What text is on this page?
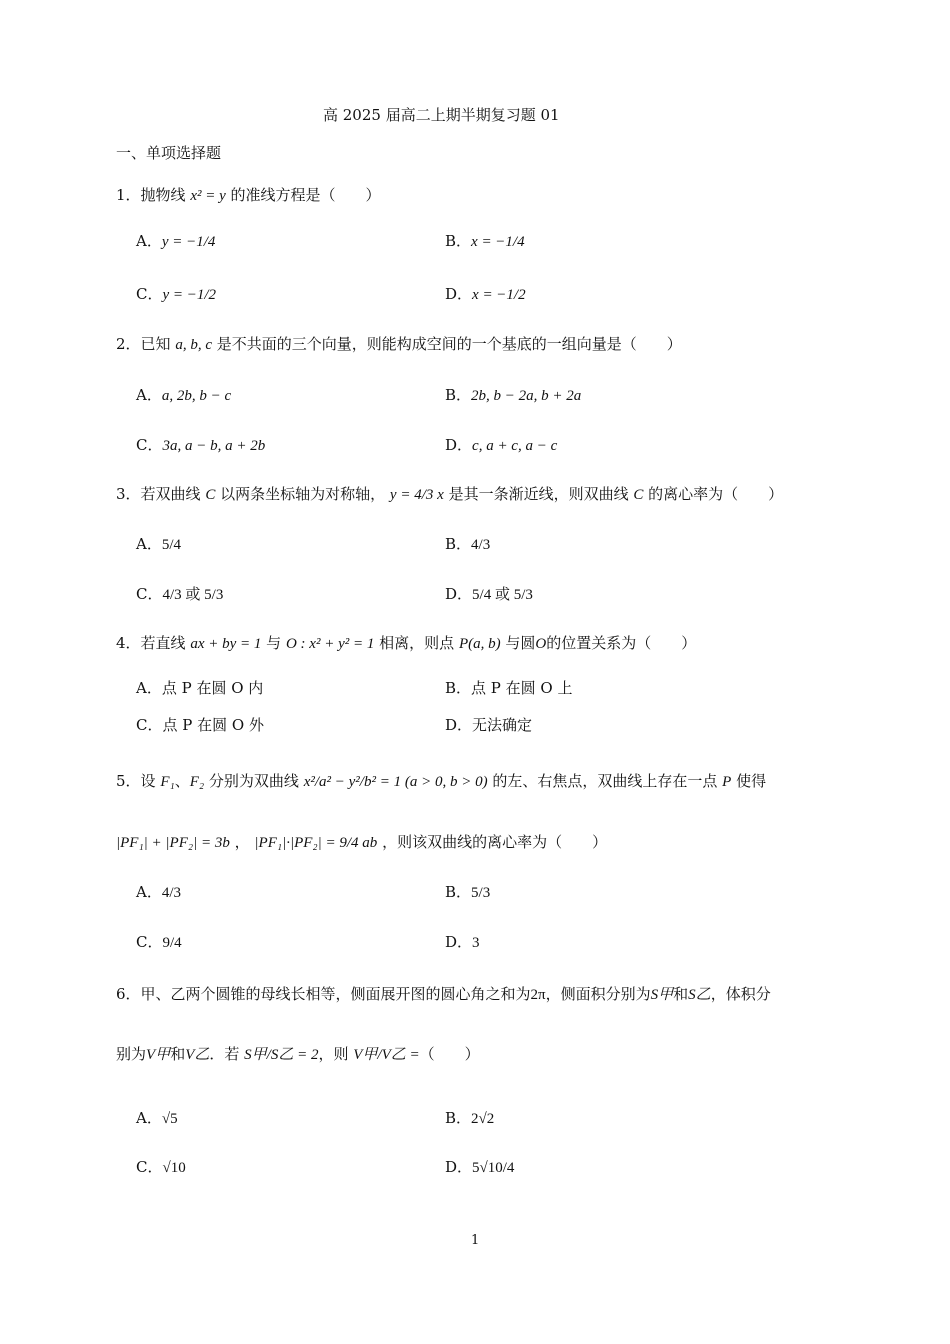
高 2025 届高二上期半期复习题 01
一、单项选择题
1．抛物线 x² = y 的准线方程是（　　）
A．y = −1/4	B．x = −1/4
C．y = −1/2	D．x = −1/2
2．已知 a, b, c 是不共面的三个向量，则能构成空间的一个基底的一组向量是（　　）
A．a, 2b, b − c	B．2b, b − 2a, b + 2a
C．3a, a − b, a + 2b	D．c, a + c, a − c
3．若双曲线 C 以两条坐标轴为对称轴， y = 4/3 x 是其一条渐近线，则双曲线 C 的离心率为（　　）
A．5/4	B．4/3
C．4/3 或 5/3	D．5/4 或 5/3
4．若直线 ax + by = 1 与 O : x² + y² = 1 相离，则点 P(a, b) 与圆O的位置关系为（　　）
A．点 P 在圆 O 内	B．点 P 在圆 O 上
C．点 P 在圆 O 外	D．无法确定
5．设 F₁、F₂ 分别为双曲线 x²/a² − y²/b² = 1 (a > 0, b > 0) 的左、右焦点，双曲线上存在一点 P 使得
|PF₁| + |PF₂| = 3b ， |PF₁|·|PF₂| = 9/4 ab ，则该双曲线的离心率为（　　）
A．4/3	B．5/3
C．9/4	D．3
6．甲、乙两个圆锥的母线长相等，侧面展开图的圆心角之和为2π，侧面积分别为S甲和S乙，体积分
别为V甲和V乙．若 S甲/S乙 = 2，则 V甲/V乙 =（　　）
A．√5	B．2√2
C．√10	D．5√10/4
1
